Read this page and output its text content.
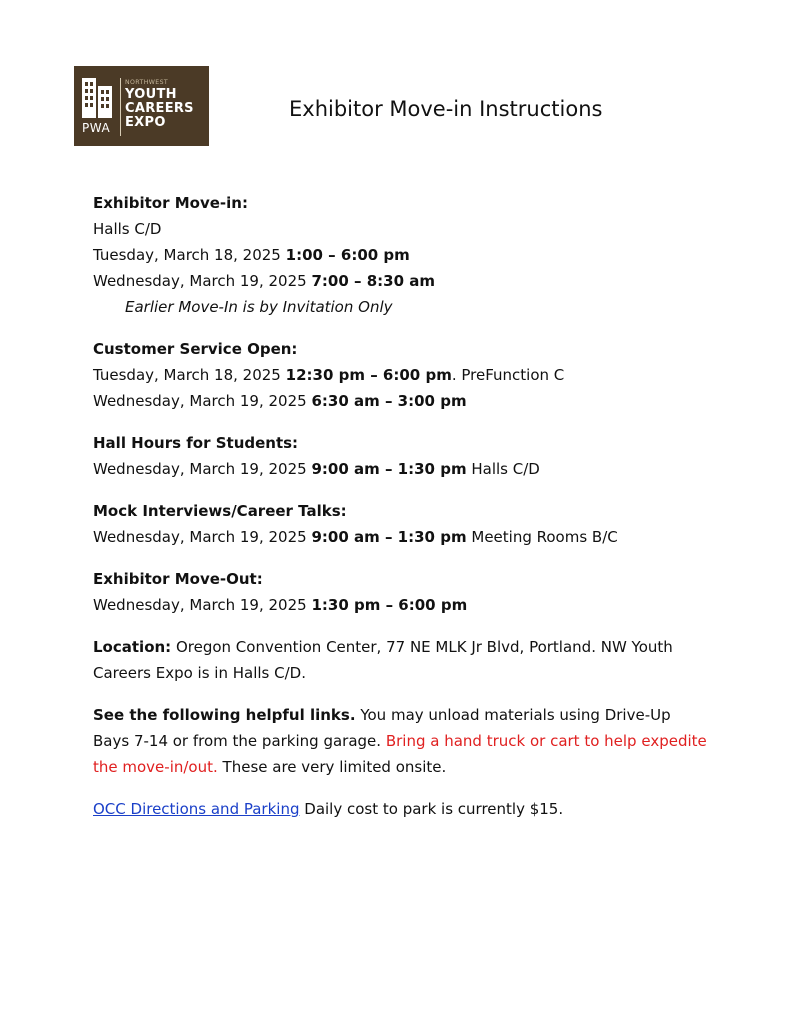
PWA
NORTHWEST
YOUTH
CAREERS
EXPO
Exhibitor Move-in Instructions
Exhibitor Move-in:
Halls C/D
Tuesday, March 18, 2025 1:00 – 6:00 pm
Wednesday, March 19, 2025 7:00 – 8:30 am
Earlier Move-In is by Invitation Only
Customer Service Open:
Tuesday, March 18, 2025 12:30 pm – 6:00 pm. PreFunction C
Wednesday, March 19, 2025 6:30 am – 3:00 pm
Hall Hours for Students:
Wednesday, March 19, 2025 9:00 am – 1:30 pm Halls C/D
Mock Interviews/Career Talks:
Wednesday, March 19, 2025 9:00 am – 1:30 pm Meeting Rooms B/C
Exhibitor Move-Out:
Wednesday, March 19, 2025 1:30 pm – 6:00 pm
Location: Oregon Convention Center, 77 NE MLK Jr Blvd, Portland. NW Youth Careers Expo is in Halls C/D.
See the following helpful links. You may unload materials using Drive-Up Bays 7-14 or from the parking garage. Bring a hand truck or cart to help expedite the move-in/out. These are very limited onsite.
OCC Directions and Parking Daily cost to park is currently $15.
